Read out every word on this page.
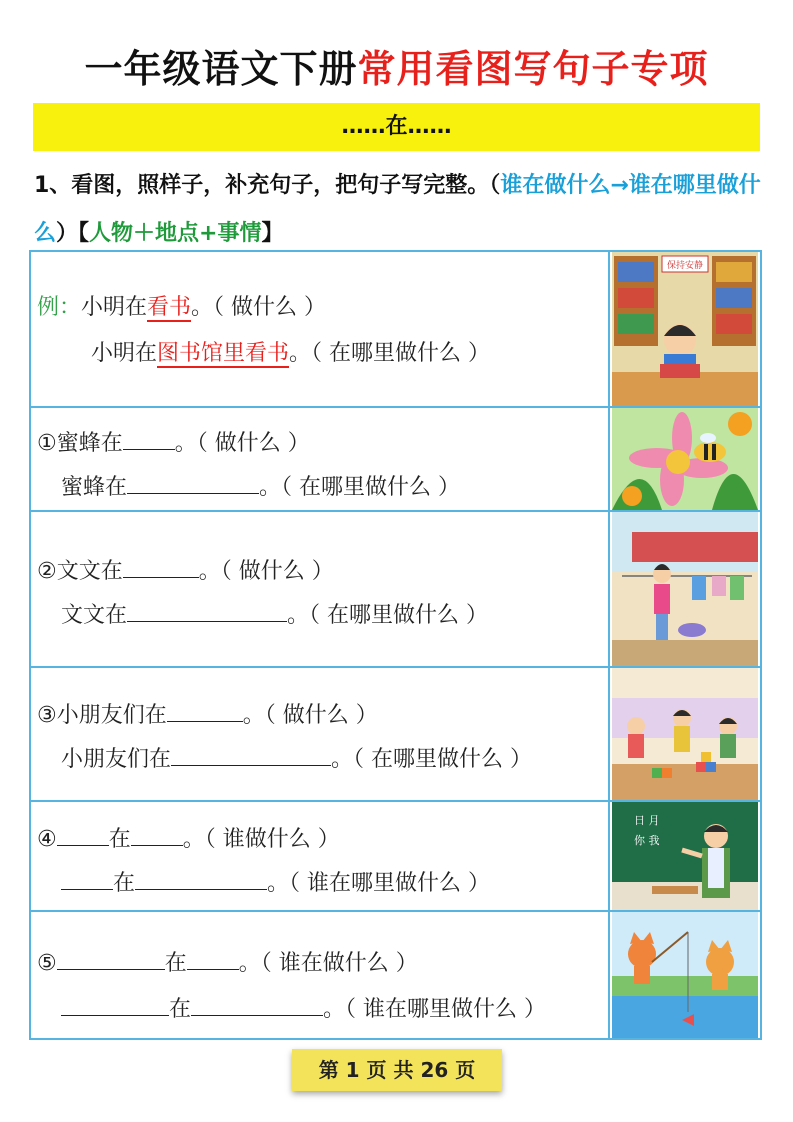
一年级语文下册常用看图写句子专项
……在……
1、看图，照样子，补充句子，把句子写完整。（谁在做什么→谁在哪里做什么）【人物＋地点+事情】
例：小明在看书。（ 做什么 ）
小明在图书馆里看书。（ 在哪里做什么 ）
保持安静
①蜜蜂在 。（ 做什么 ）
蜜蜂在	。（ 在哪里做什么 ）
②文文在	。（ 做什么 ）
文文在	。（ 在哪里做什么 ）
③小朋友们在	。（ 做什么 ）
小朋友们在	。（ 在哪里做什么 ）
④ 在 。（ 谁做什么 ）
在	。（ 谁在哪里做什么 ）
日 月
你 我
⑤	在 。（ 谁在做什么 ）
在	。（ 谁在哪里做什么 ）
第 1 页 共 26 页
